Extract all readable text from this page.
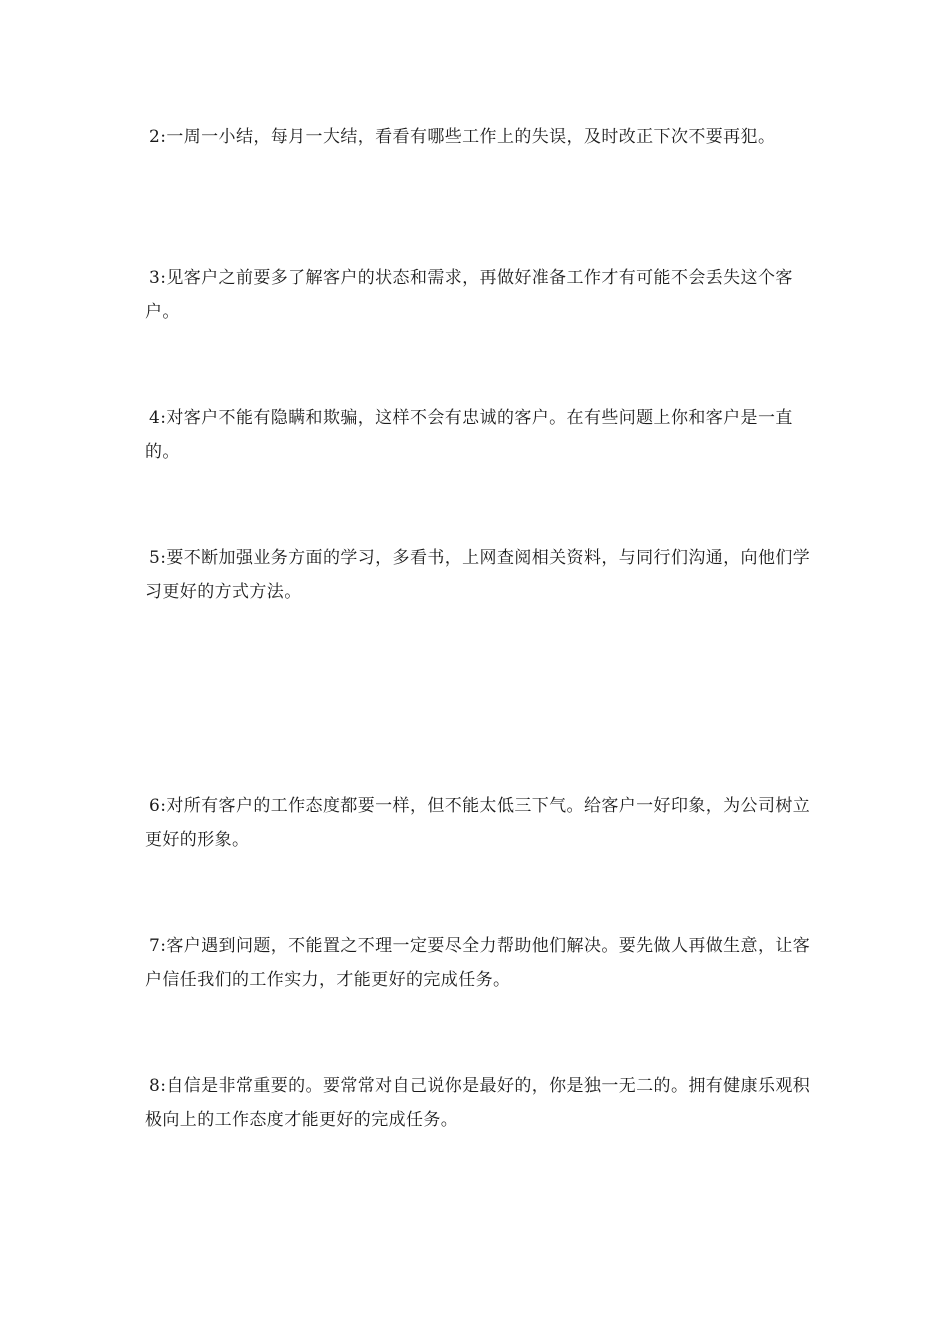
2:一周一小结，每月一大结，看看有哪些工作上的失误，及时改正下次不要再犯。

3:见客户之前要多了解客户的状态和需求，再做好准备工作才有可能不会丢失这个客户。

4:对客户不能有隐瞒和欺骗，这样不会有忠诚的客户。在有些问题上你和客户是一直的。

5:要不断加强业务方面的学习，多看书，上网查阅相关资料，与同行们沟通，向他们学习更好的方式方法。

6:对所有客户的工作态度都要一样，但不能太低三下气。给客户一好印象，为公司树立更好的形象。

7:客户遇到问题，不能置之不理一定要尽全力帮助他们解决。要先做人再做生意，让客户信任我们的工作实力，才能更好的完成任务。

8:自信是非常重要的。要常常对自己说你是最好的，你是独一无二的。拥有健康乐观积极向上的工作态度才能更好的完成任务。
